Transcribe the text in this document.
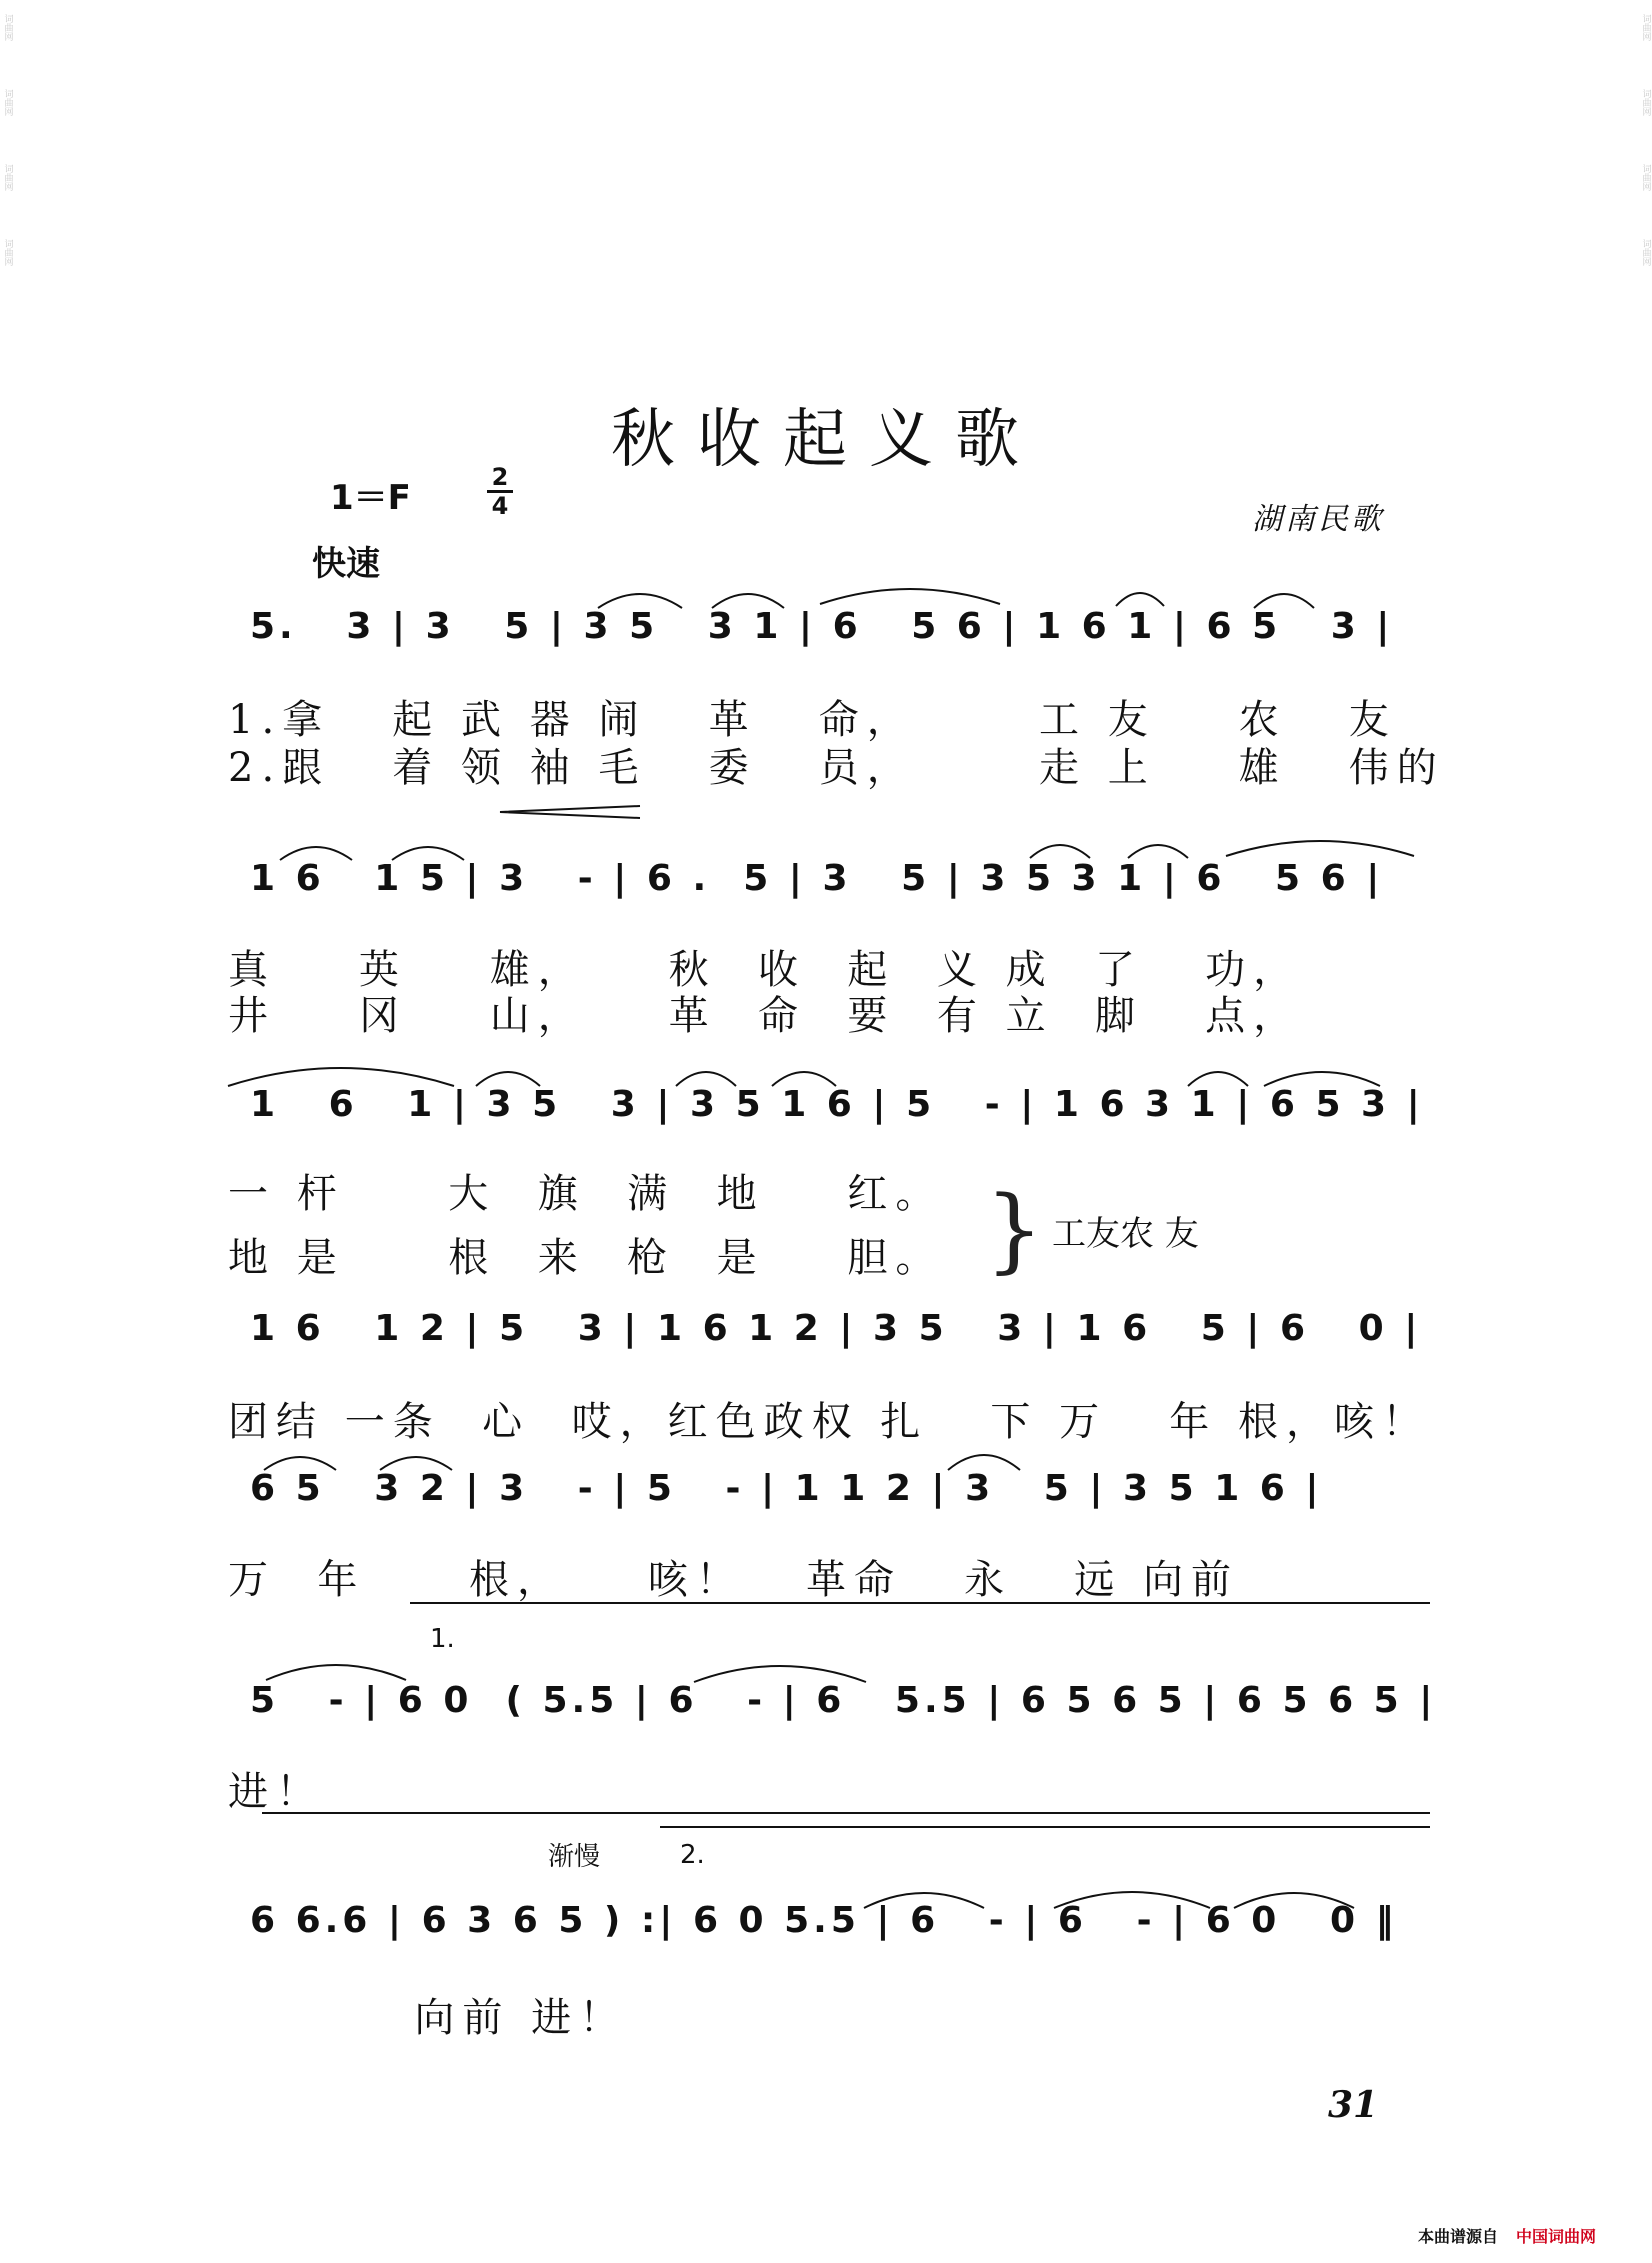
词曲网
词曲网
词曲网
词曲网
词曲网
词曲网
词曲网
词曲网
秋收起义歌
1＝F
2
4
快速
湖南民歌
5.   3 | 3   5 | 3 5   3 1 | 6   5 6 | 1 6 1 | 6 5   3 |
1.拿   起 武 器 闹   革   命，      工 友    农   友
2.跟   着 领 袖 毛   委   员，      走 上    雄   伟的
1 6   1 5 | 3   - | 6 .  5 | 3   5 | 3 5 3 1 | 6   5 6 |
真    英    雄，    秋  收  起  义 成  了   功，
井    冈    山，    革  命  要  有 立  脚   点，
1   6   1 | 3 5   3 | 3 5 1 6 | 5   - | 1 6 3 1 | 6 5 3 |
一 杆     大  旗  满  地    红。
地 是     根  来  枪  是    胆。 } 工友农 友
1 6   1 2 | 5   3 | 1 6 1 2 | 3 5   3 | 1 6   5 | 6   0 |
团结 一条  心  哎，红色政权 扎   下 万   年 根，咳！
6 5   3 2 | 3   - | 5   - | 1 1 2 | 3   5 | 3 5 1 6 |
万  年     根，    咳！   革命   永   远 向前
1.
5   - | 6 0  ( 5.5 | 6   - | 6   5.5 | 6 5 6 5 | 6 5 6 5 |
进！
渐慢	2.
6 6.6 | 6 3 6 5 ) :| 6 0 5.5 | 6   - | 6   - | 6 0   0 ‖
向前 进！
31
本曲谱源自 中国词曲网
